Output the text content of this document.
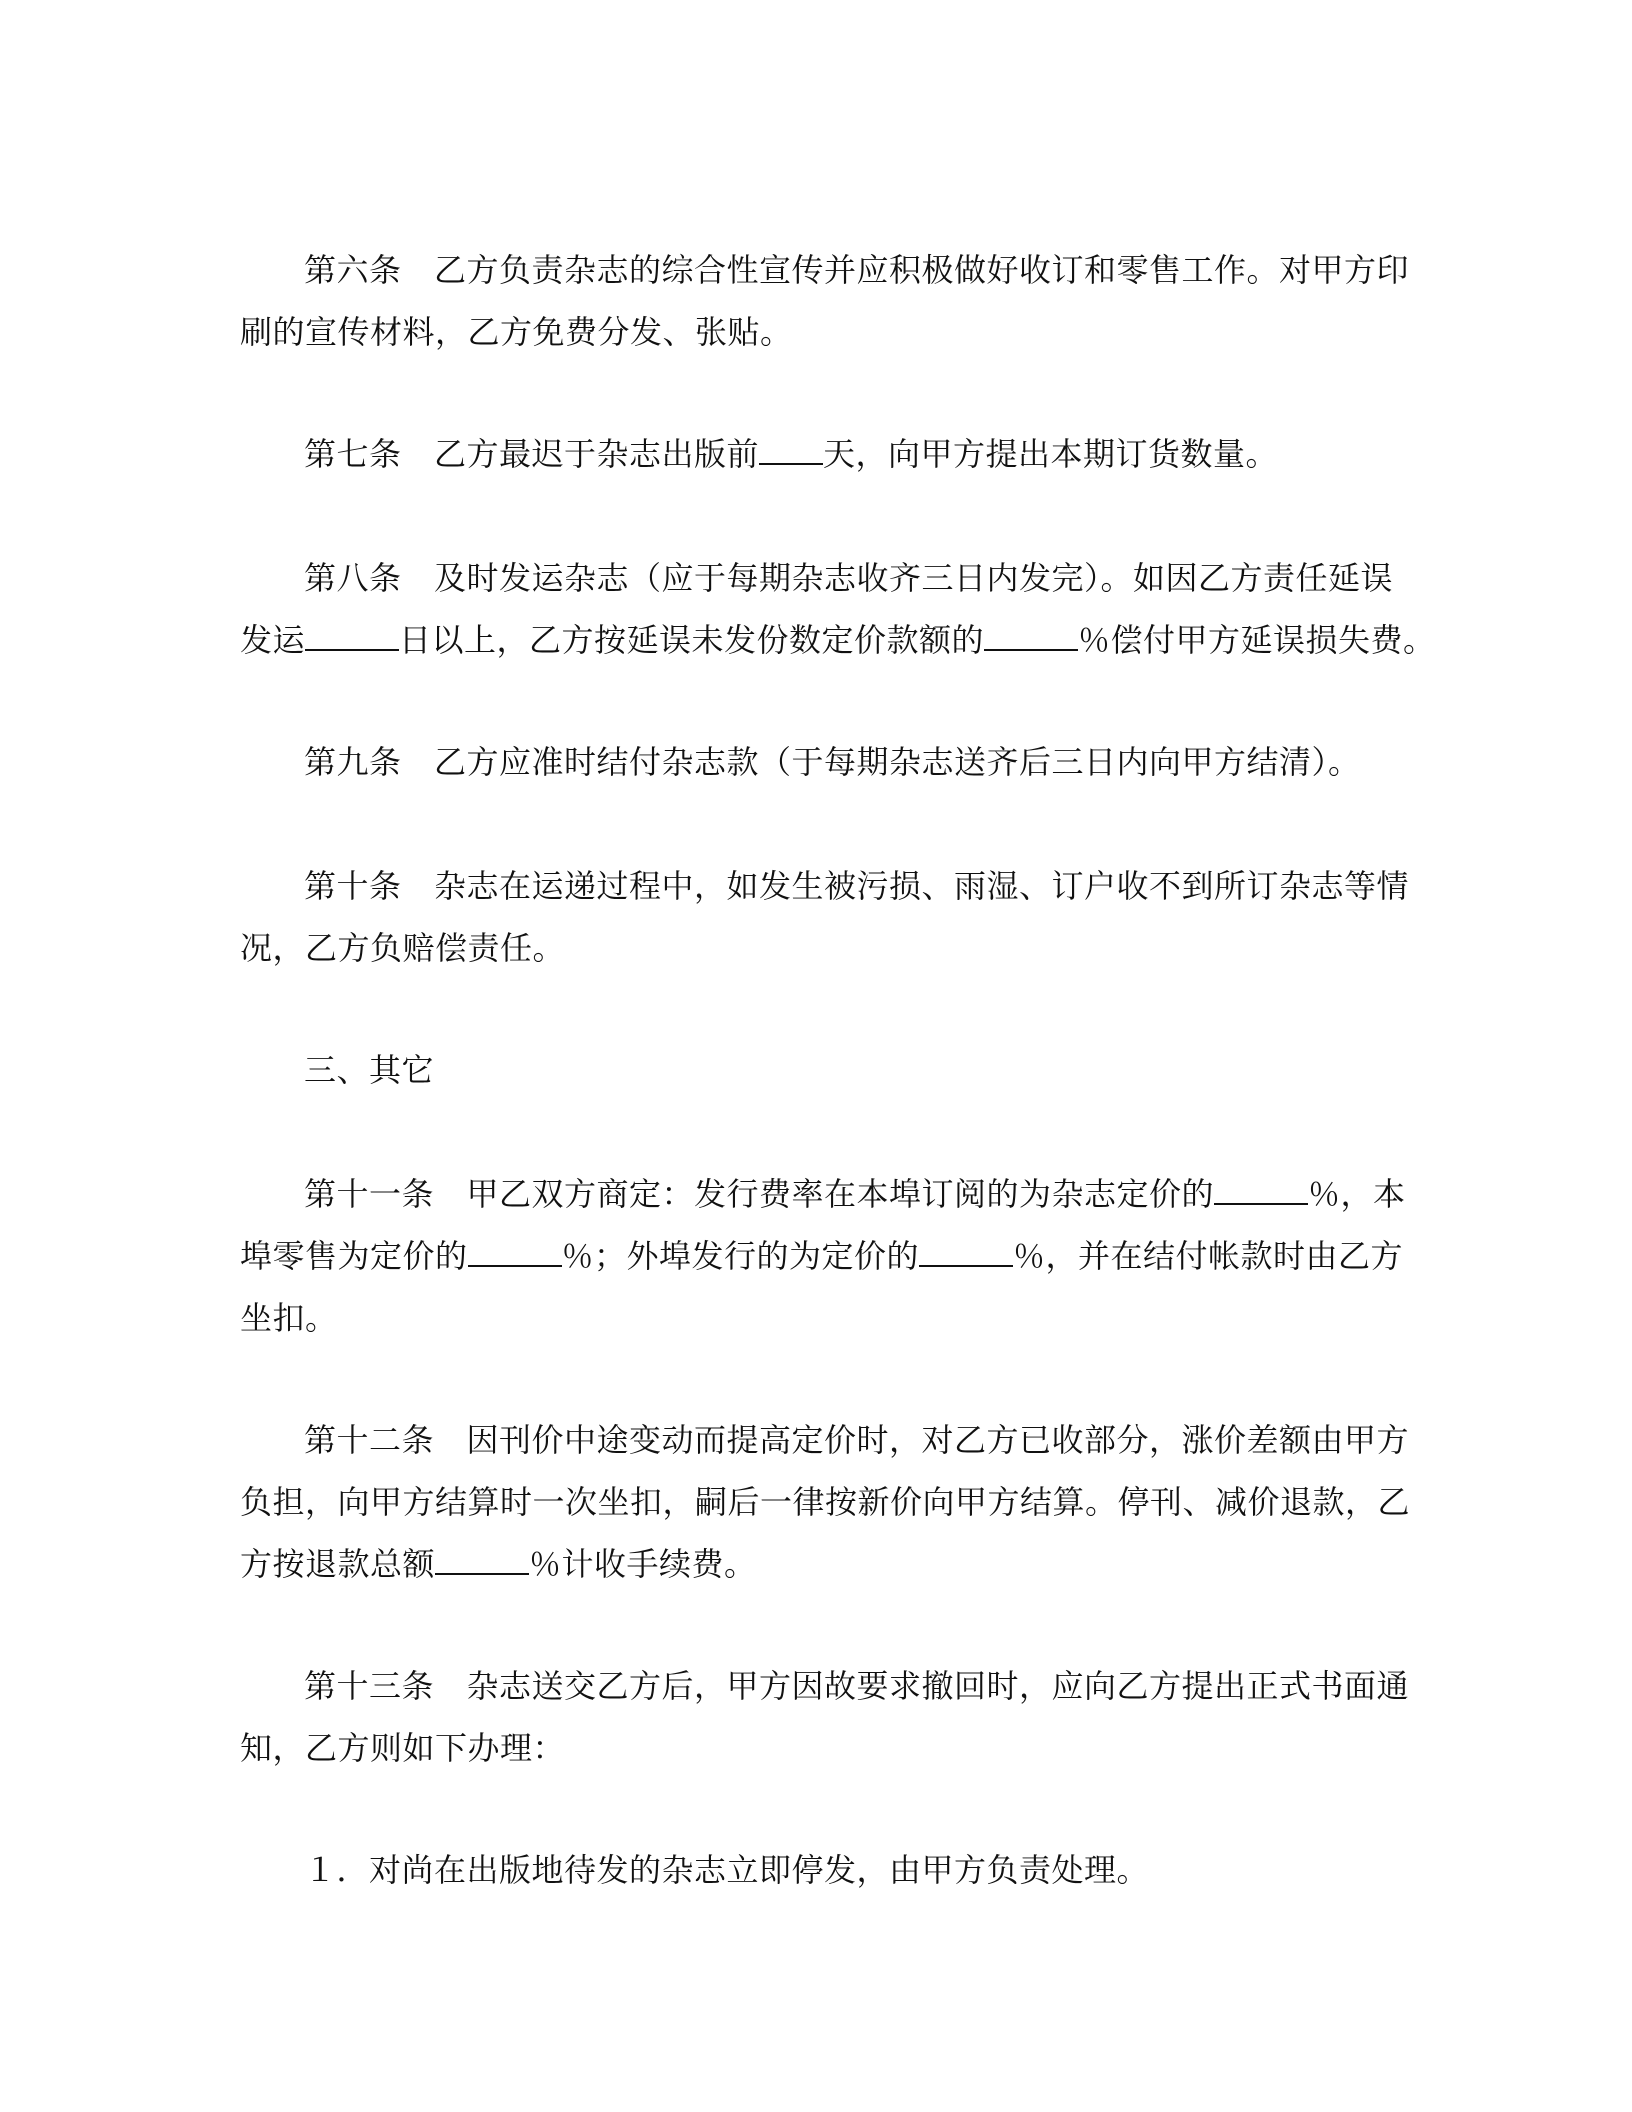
第六条　乙方负责杂志的综合性宣传并应积极做好收订和零售工作。对甲方印
刷的宣传材料，乙方免费分发、张贴。
第七条　乙方最迟于杂志出版前 天，向甲方提出本期订货数量。
第八条　及时发运杂志（应于每期杂志收齐三日内发完）。如因乙方责任延误
发运	日以上，乙方按延误未发份数定价款额的	％偿付甲方延误损失费。
第九条　乙方应准时结付杂志款（于每期杂志送齐后三日内向甲方结清）。
第十条　杂志在运递过程中，如发生被污损、雨湿、订户收不到所订杂志等情
况，乙方负赔偿责任。
三、其它
第十一条　甲乙双方商定：发行费率在本埠订阅的为杂志定价的	％，本
埠零售为定价的	％；外埠发行的为定价的	％，并在结付帐款时由乙方
坐扣。
第十二条　因刊价中途变动而提高定价时，对乙方已收部分，涨价差额由甲方
负担，向甲方结算时一次坐扣，嗣后一律按新价向甲方结算。停刊、减价退款，乙
方按退款总额	％计收手续费。
第十三条　杂志送交乙方后，甲方因故要求撤回时，应向乙方提出正式书面通
知，乙方则如下办理：
１．对尚在出版地待发的杂志立即停发，由甲方负责处理。
